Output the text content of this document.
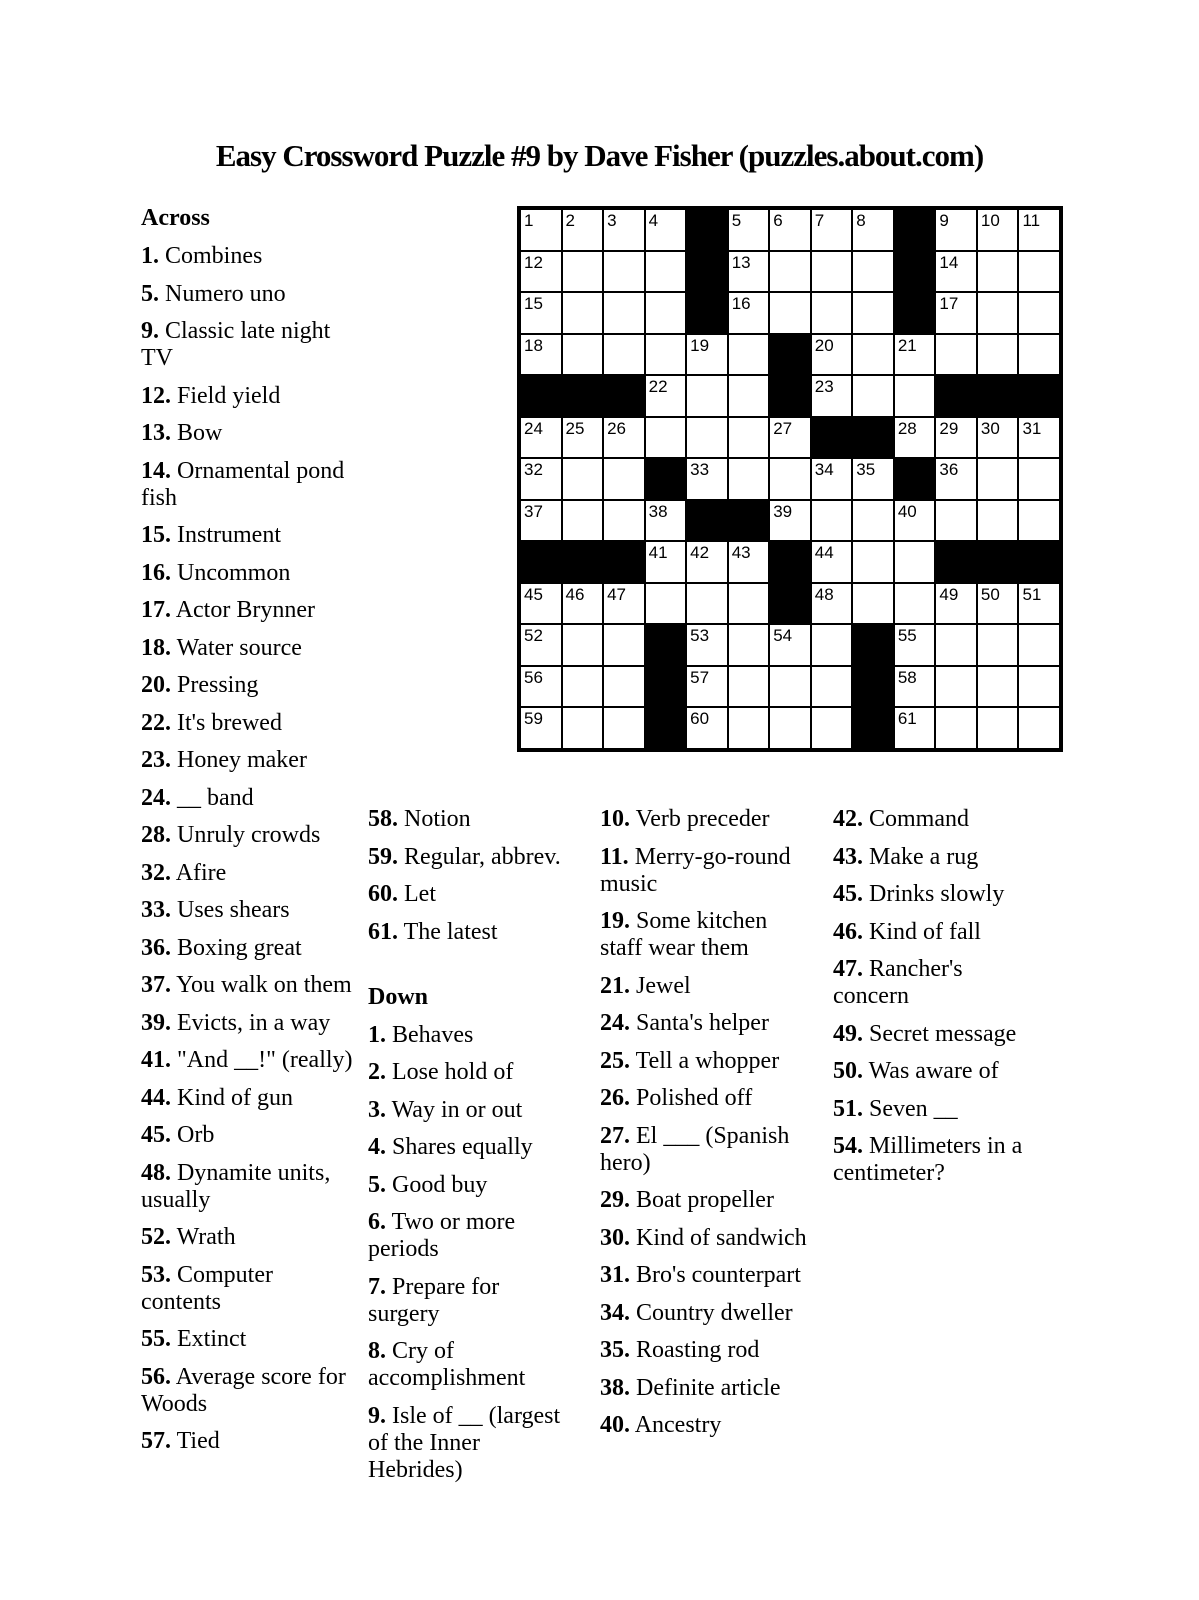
Easy Crossword Puzzle #9 by Dave Fisher (puzzles.about.com)
1 2 3 4	5 6 7 8	9 10 11
12	13	14
15	16	17
18	19	20	21
22	23
24 25 26	27	28 29 30 31
32	33	34 35	36
37	38	39	40
41 42 43	44
45 46 47	48	49 50 51
52	53	54	55
56	57	58
59	60	61
Across

1. Combines

5. Numero uno

9. Classic late night TV

12. Field yield

13. Bow

14. Ornamental pond fish

15. Instrument

16. Uncommon

17. Actor Brynner

18. Water source

20. Pressing

22. It's brewed

23. Honey maker

24. __ band

28. Unruly crowds

32. Afire

33. Uses shears

36. Boxing great

37. You walk on them

39. Evicts, in a way

41. "And __!" (really)

44. Kind of gun

45. Orb

48. Dynamite units, usually

52. Wrath

53. Computer contents

55. Extinct

56. Average score for Woods

57. Tied

58. Notion

59. Regular, abbrev.

60. Let

61. The latest

Down

1. Behaves

2. Lose hold of

3. Way in or out

4. Shares equally

5. Good buy

6. Two or more periods

7. Prepare for surgery

8. Cry of accomplishment

9. Isle of __ (largest of the Inner Hebrides)

10. Verb preceder

11. Merry-go-round music

19. Some kitchen staff wear them

21. Jewel

24. Santa's helper

25. Tell a whopper

26. Polished off

27. El ___ (Spanish hero)

29. Boat propeller

30. Kind of sandwich

31. Bro's counterpart

34. Country dweller

35. Roasting rod

38. Definite article

40. Ancestry

42. Command

43. Make a rug

45. Drinks slowly

46. Kind of fall

47. Rancher's concern

49. Secret message

50. Was aware of

51. Seven __

54. Millimeters in a centimeter?
